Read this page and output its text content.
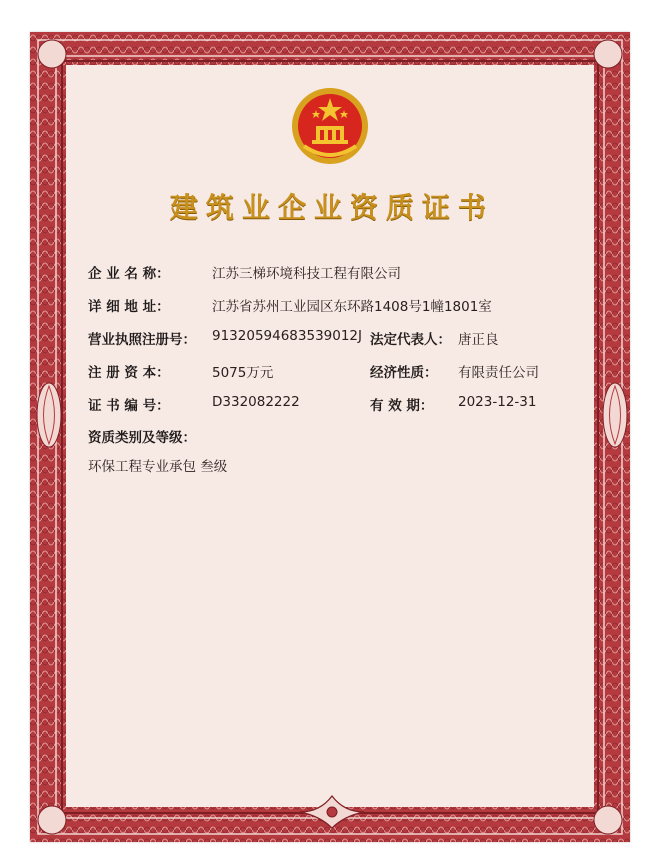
建筑业企业资质证书
企 业 名 称：	江苏三梯环境科技工程有限公司
详 细 地 址：	江苏省苏州工业园区东环路1408号1幢1801室
营业执照注册号： 91320594683539012J 法定代表人： 唐正良
注 册 资 本：	5075万元	经济性质： 有限责任公司
证 书 编 号：	D332082222	有 效 期： 2023-12-31
资质类别及等级：
环保工程专业承包 叁级
